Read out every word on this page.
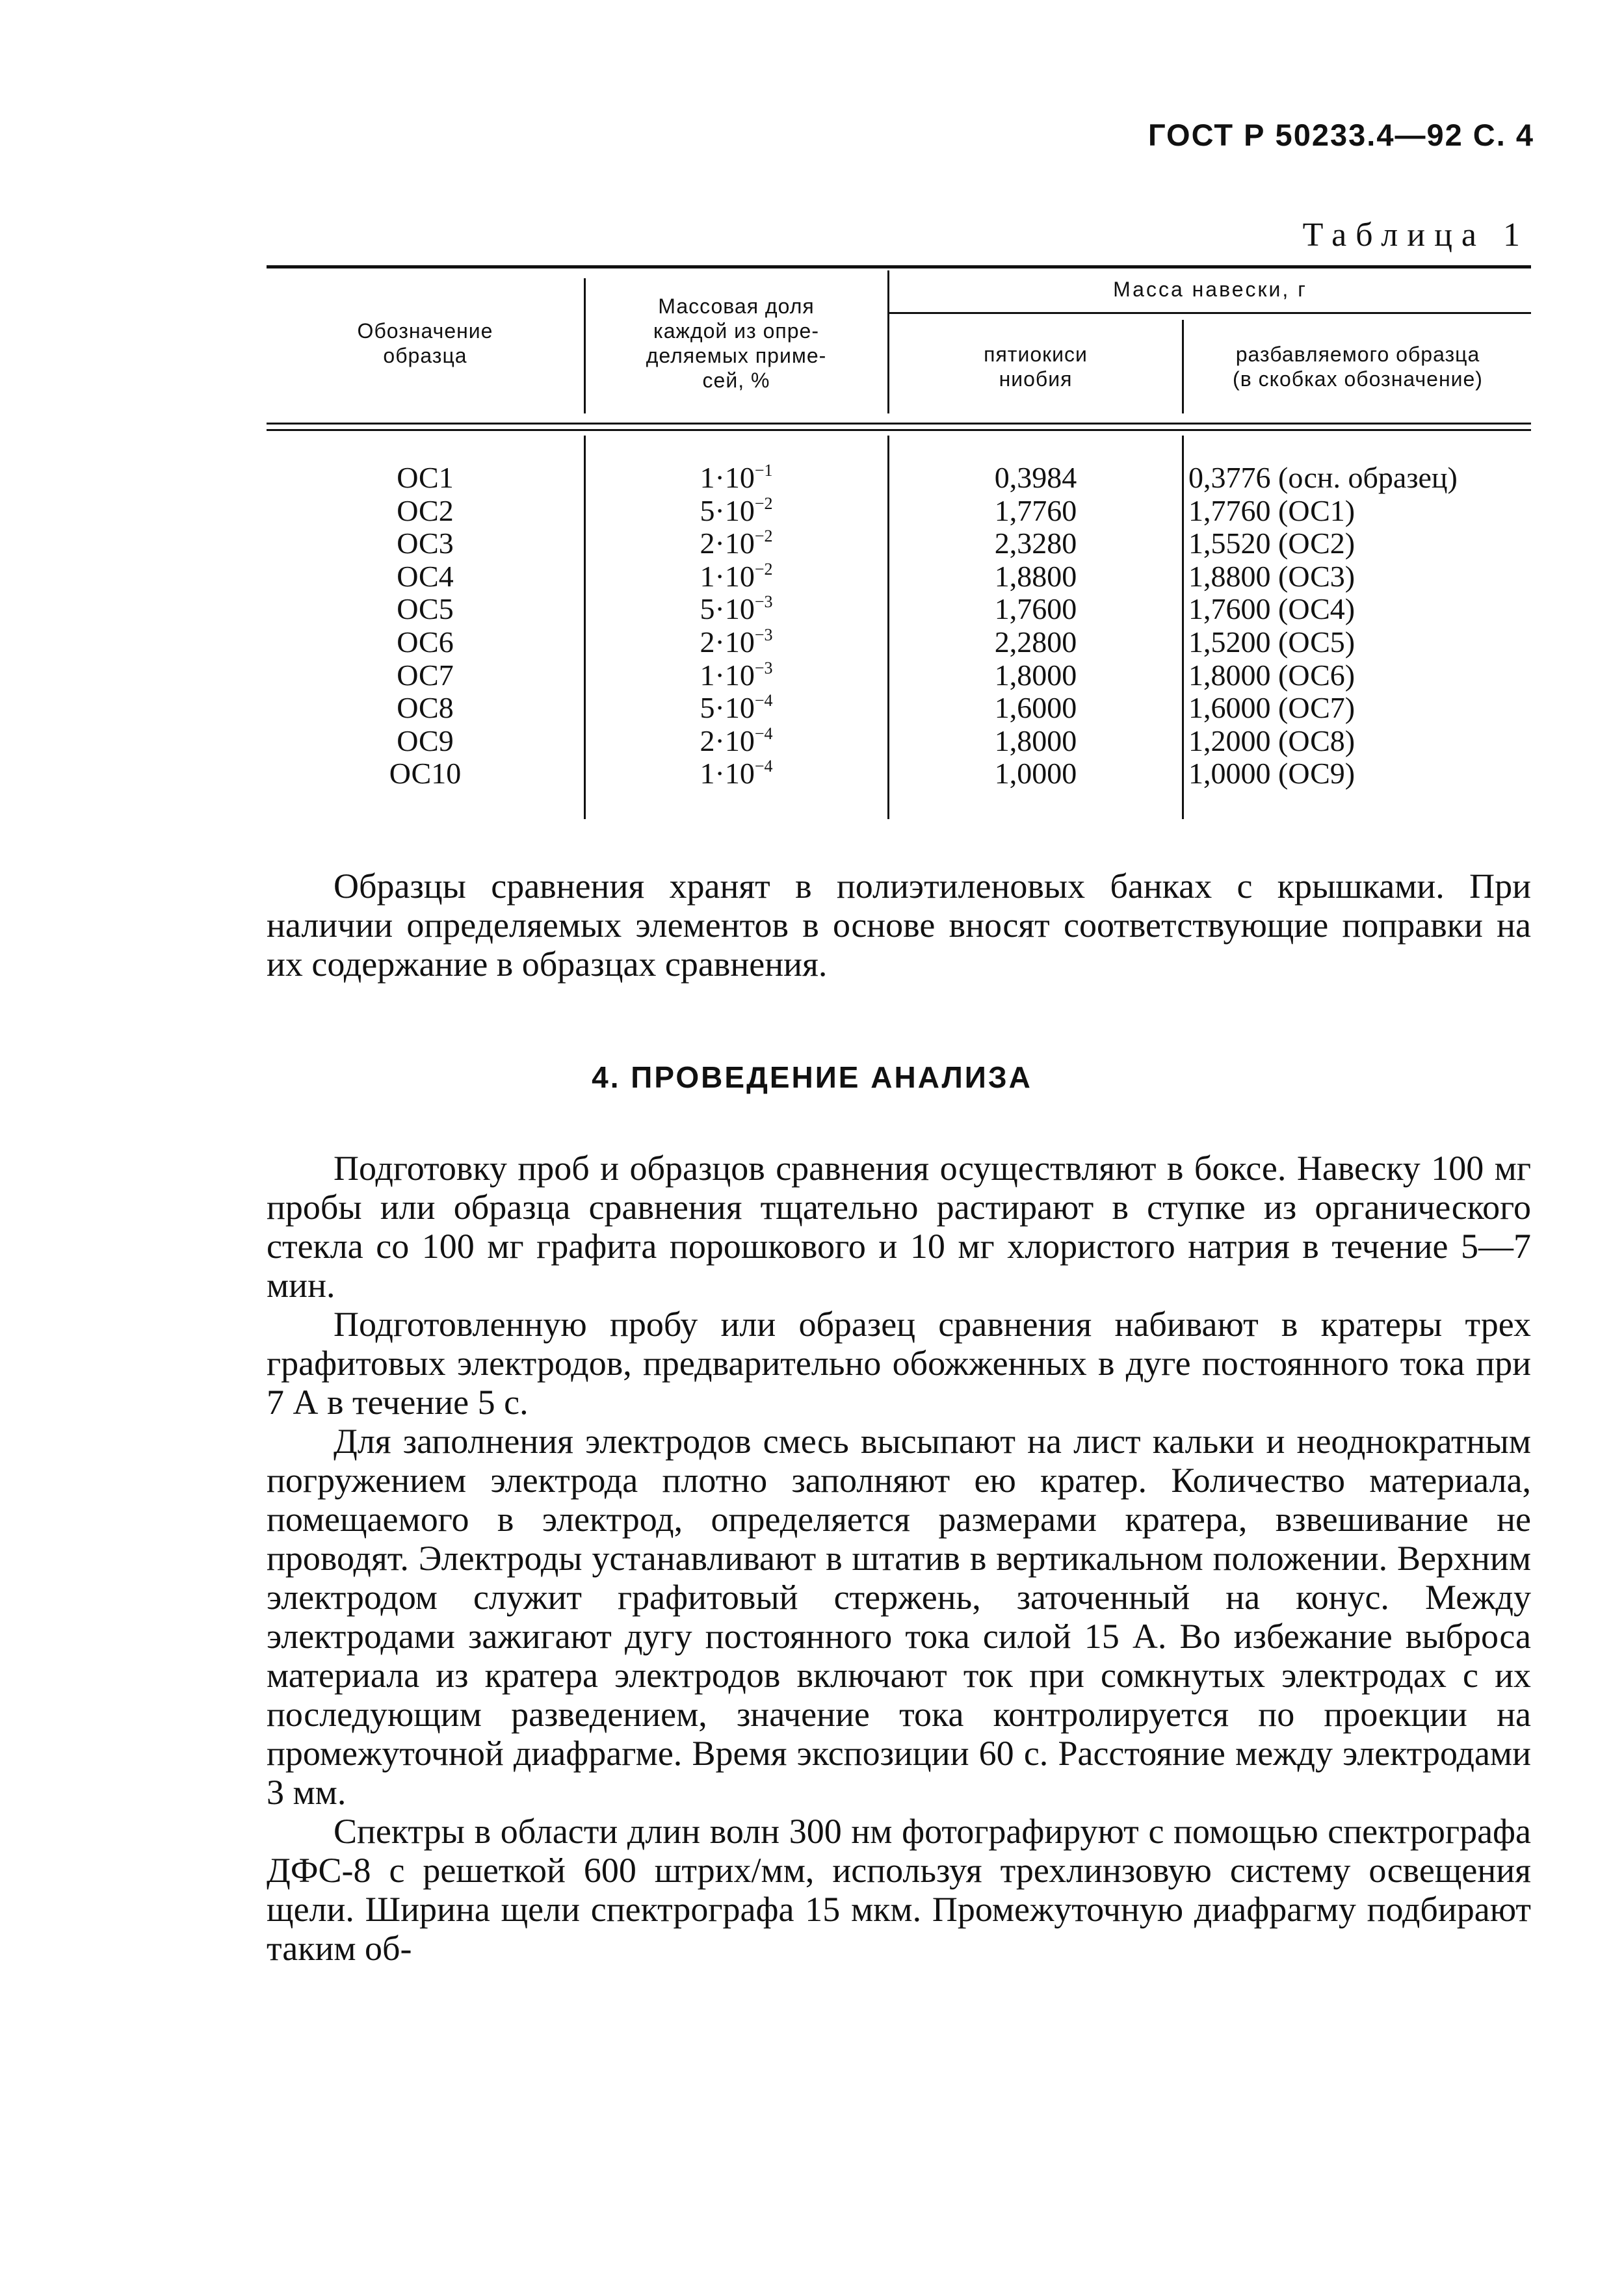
ГОСТ Р 50233.4—92 С. 4
Таблица 1
Обозначение
образца
Массовая доля
каждой из опре-
деляемых приме-
сей, %
Масса навески, г
пятиокиси
ниобия
разбавляемого образца
(в скобках обозначение)
ОС1
ОС2
ОС3
ОС4
ОС5
ОС6
ОС7
ОС8
ОС9
ОС10
$1\cdot 10^{-1}$
$5\cdot 10^{-2}$
$2\cdot 10^{-2}$
$1\cdot 10^{-2}$
$5\cdot 10^{-3}$
$2\cdot 10^{-3}$
$1\cdot 10^{-3}$
$5\cdot 10^{-4}$
$2\cdot 10^{-4}$
$1\cdot 10^{-4}$
0,3984
1,7760
2,3280
1,8800
1,7600
2,2800
1,8000
1,6000
1,8000
1,0000
0,3776 (осн. образец)
1,7760 (ОС1)
1,5520 (ОС2)
1,8800 (ОС3)
1,7600 (ОС4)
1,5200 (ОС5)
1,8000 (ОС6)
1,6000 (ОС7)
1,2000 (ОС8)
1,0000 (ОС9)

Образцы сравнения хранят в полиэтиленовых банках с крышками. При наличии определяемых элементов в основе вносят соответствующие поправки на их содержание в образцах сравнения.

4. ПРОВЕДЕНИЕ АНАЛИЗА

Подготовку проб и образцов сравнения осуществляют в боксе. Навеску 100 мг пробы или образца сравнения тщательно растирают в ступке из органического стекла со 100 мг графита порошкового и 10 мг хлористого натрия в течение 5—7 мин.

Подготовленную пробу или образец сравнения набивают в кратеры трех графитовых электродов, предварительно обожженных в дуге постоянного тока при 7 А в течение 5 с.

Для заполнения электродов смесь высыпают на лист кальки и неоднократным погружением электрода плотно заполняют ею кратер. Количество материала, помещаемого в электрод, определяется размерами кратера, взвешивание не проводят. Электроды устанавливают в штатив в вертикальном положении. Верхним электродом служит графитовый стержень, заточенный на конус. Между электродами зажигают дугу постоянного тока силой 15 А. Во избежание выброса материала из кратера электродов включают ток при сомкнутых электродах с их последующим разведением, значение тока контролируется по проекции на промежуточной диафрагме. Время экспозиции 60 с. Расстояние между электродами 3 мм.

Спектры в области длин волн 300 нм фотографируют с помощью спектрографа ДФС-8 с решеткой 600 штрих/мм, используя трехлинзовую систему освещения щели. Ширина щели спектрографа 15 мкм. Промежуточную диафрагму подбирают таким об-
